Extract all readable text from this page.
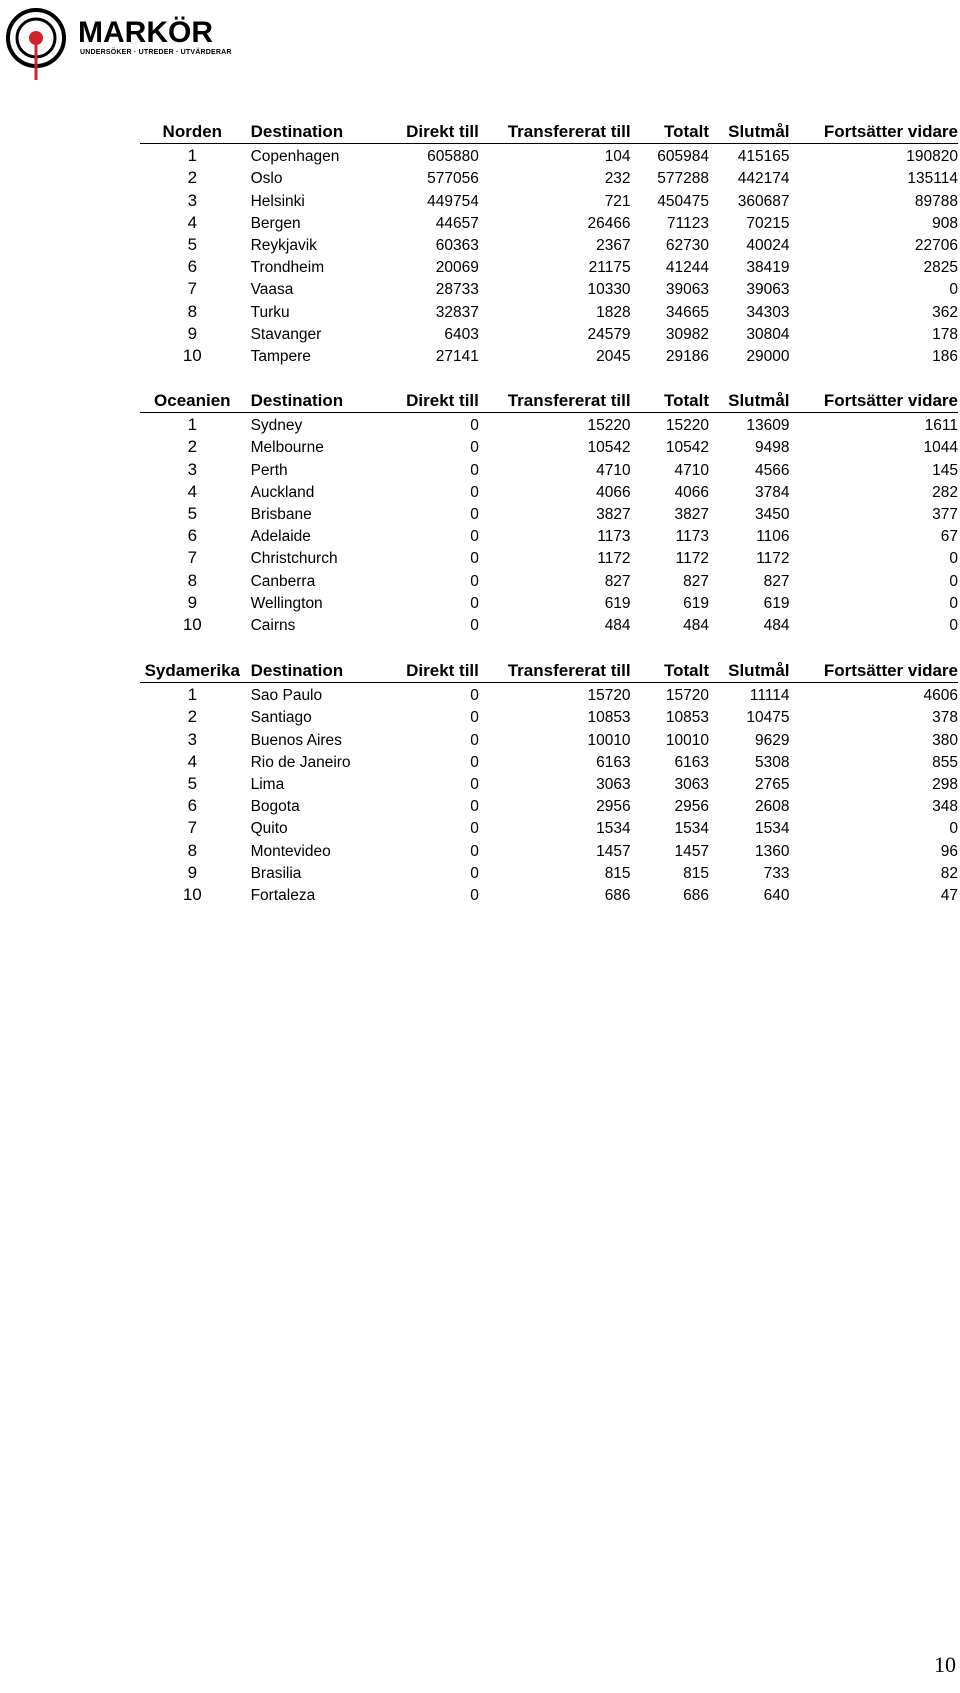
MARKÖR
UNDERSÖKER · UTREDER · UTVÄRDERAR
Norden	Destination	Direkt till	Transfererat till	Totalt	Slutmål	Fortsätter vidare
1	Copenhagen	605880	104	605984	415165	190820
2	Oslo	577056	232	577288	442174	135114
3	Helsinki	449754	721	450475	360687	89788
4	Bergen	44657	26466	71123	70215	908
5	Reykjavik	60363	2367	62730	40024	22706
6	Trondheim	20069	21175	41244	38419	2825
7	Vaasa	28733	10330	39063	39063	0
8	Turku	32837	1828	34665	34303	362
9	Stavanger	6403	24579	30982	30804	178
10	Tampere	27141	2045	29186	29000	186
Oceanien	Destination	Direkt till	Transfererat till	Totalt	Slutmål	Fortsätter vidare
1	Sydney	0	15220	15220	13609	1611
2	Melbourne	0	10542	10542	9498	1044
3	Perth	0	4710	4710	4566	145
4	Auckland	0	4066	4066	3784	282
5	Brisbane	0	3827	3827	3450	377
6	Adelaide	0	1173	1173	1106	67
7	Christchurch	0	1172	1172	1172	0
8	Canberra	0	827	827	827	0
9	Wellington	0	619	619	619	0
10	Cairns	0	484	484	484	0
Sydamerika	Destination	Direkt till	Transfererat till	Totalt	Slutmål	Fortsätter vidare
1	Sao Paulo	0	15720	15720	11114	4606
2	Santiago	0	10853	10853	10475	378
3	Buenos Aires	0	10010	10010	9629	380
4	Rio de Janeiro	0	6163	6163	5308	855
5	Lima	0	3063	3063	2765	298
6	Bogota	0	2956	2956	2608	348
7	Quito	0	1534	1534	1534	0
8	Montevideo	0	1457	1457	1360	96
9	Brasilia	0	815	815	733	82
10	Fortaleza	0	686	686	640	47
10
